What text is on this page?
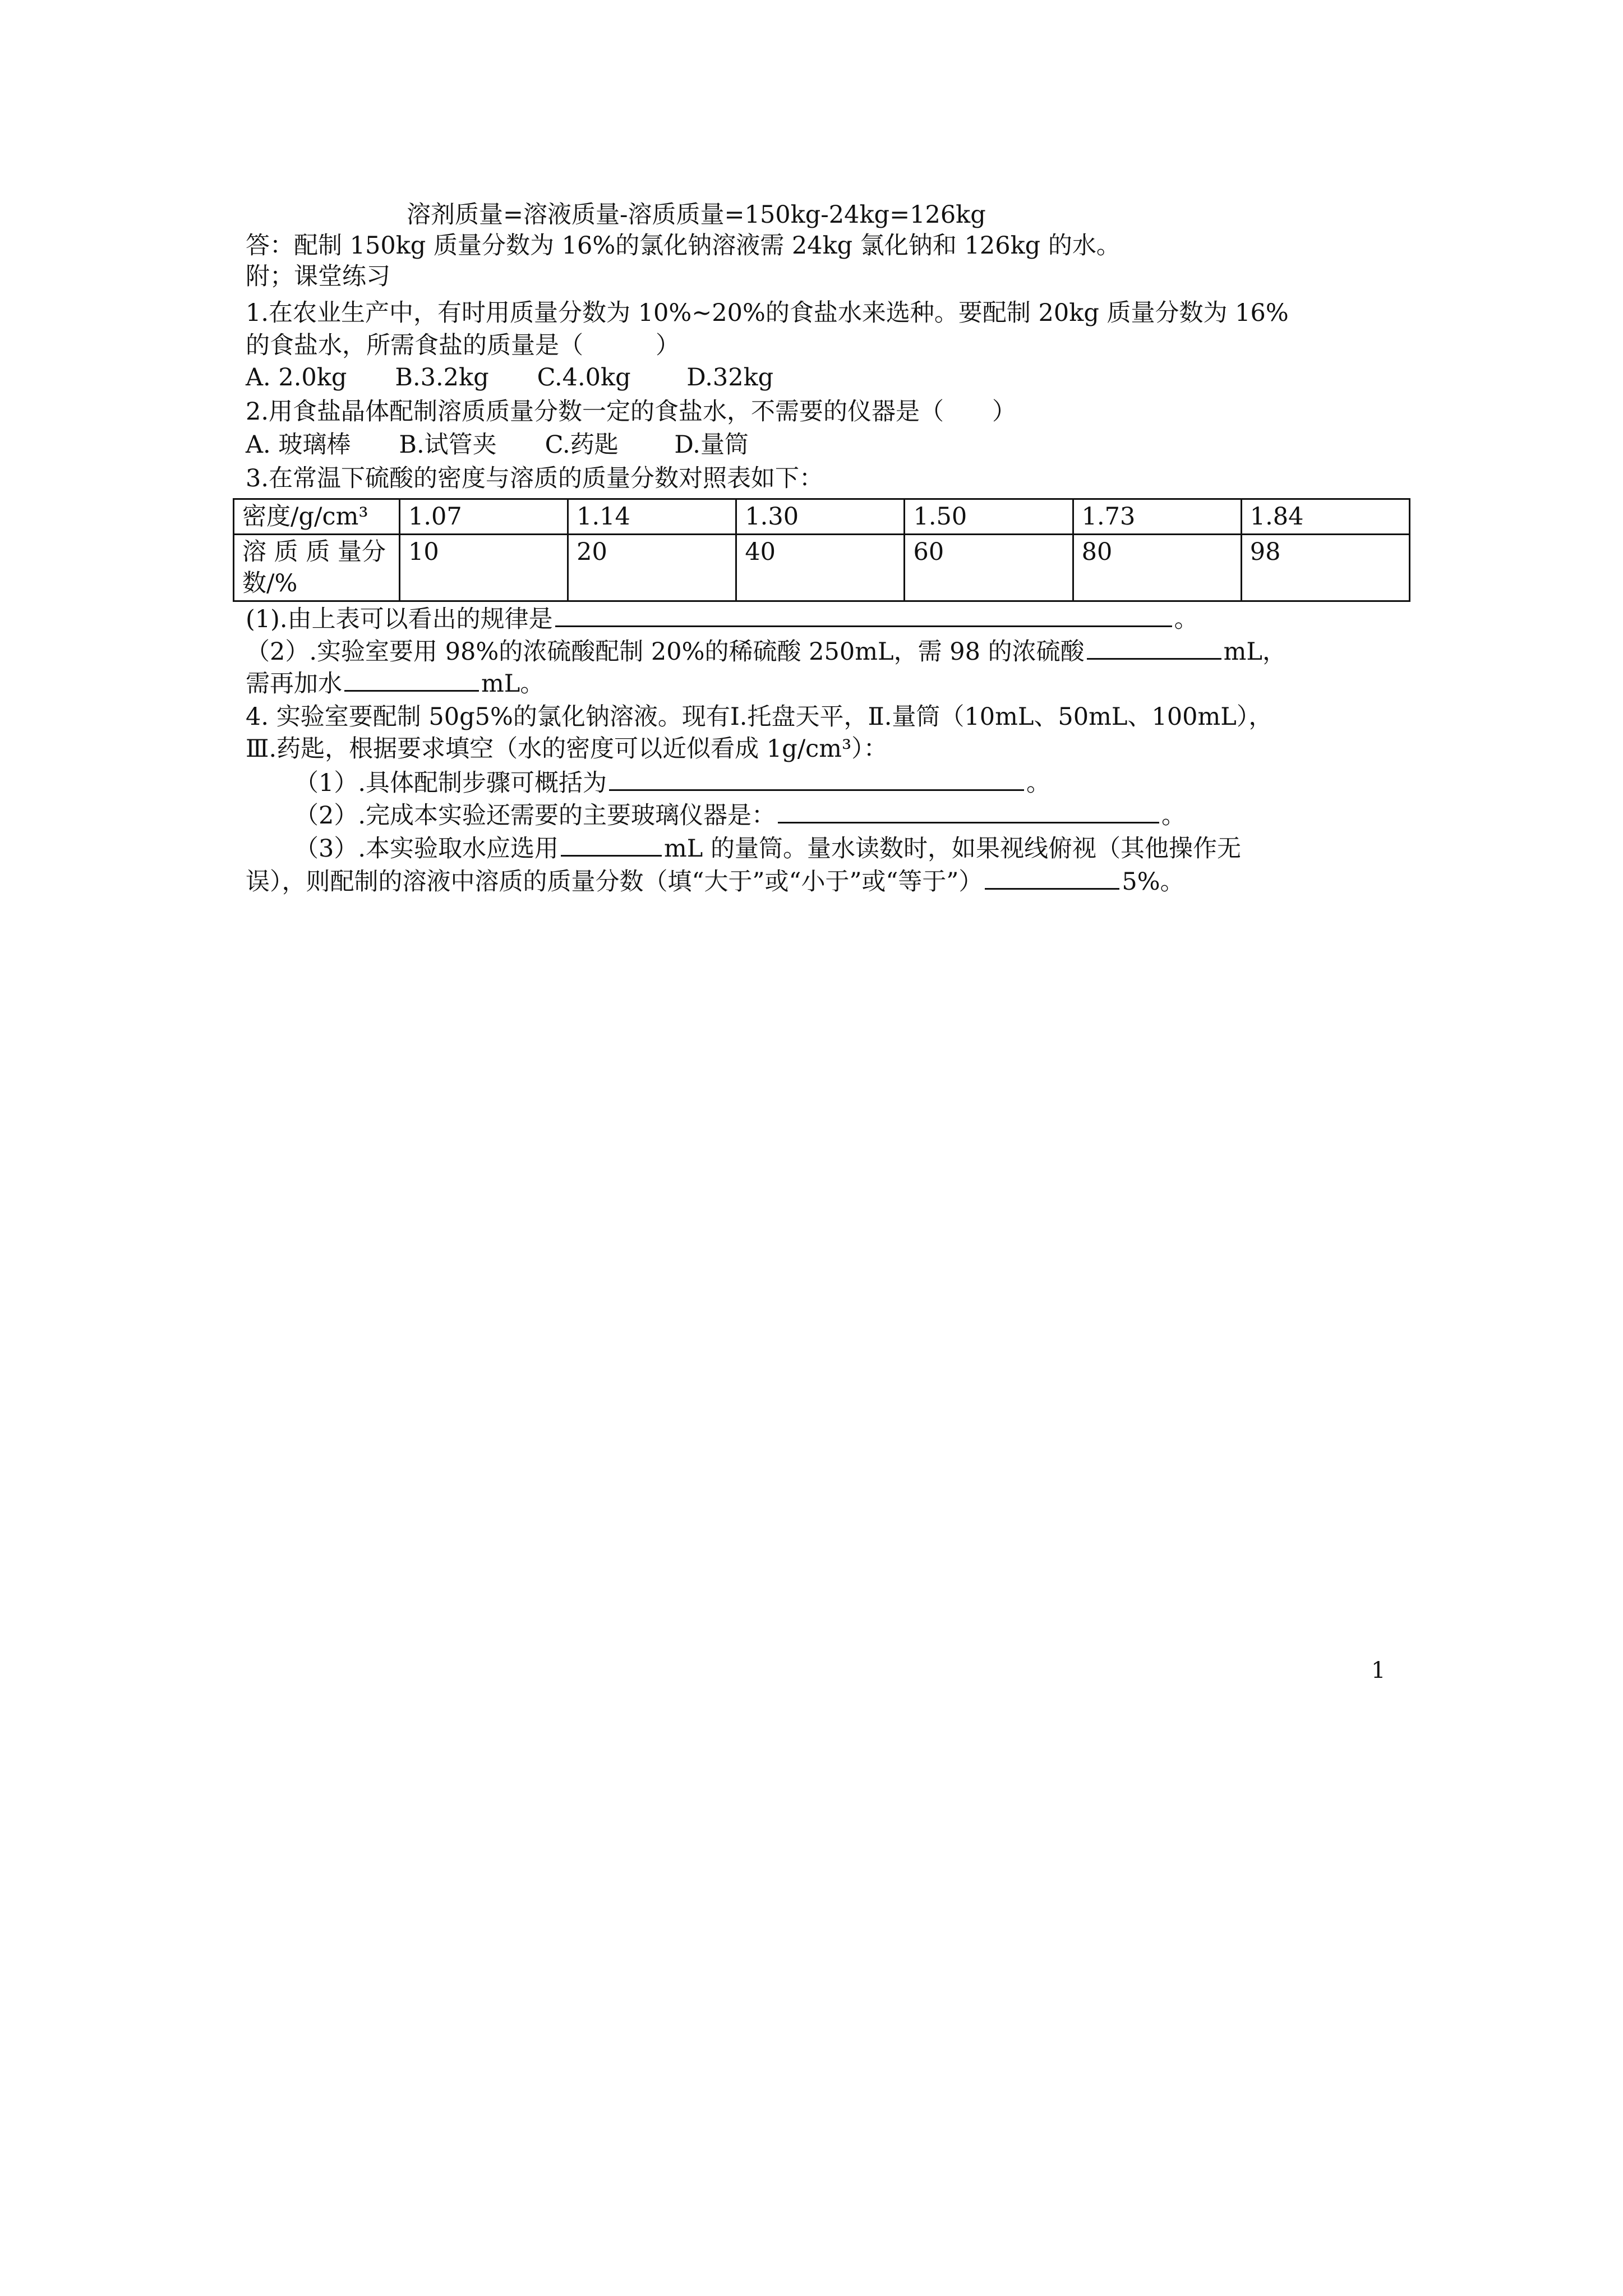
溶剂质量=溶液质量-溶质质量=150kg-24kg=126kg
答：配制 150kg 质量分数为 16%的氯化钠溶液需 24kg 氯化钠和 126kg 的水。
附；课堂练习
1.在农业生产中，有时用质量分数为 10%~20%的食盐水来选种。要配制 20kg 质量分数为 16%
的食盐水，所需食盐的质量是（　　　）
A. 2.0kg　　B.3.2kg　　C.4.0kg　　 D.32kg
2.用食盐晶体配制溶质质量分数一定的食盐水，不需要的仪器是（　　）
A. 玻璃棒　　B.试管夹　　C.药匙　　 D.量筒
3.在常温下硫酸的密度与溶质的质量分数对照表如下：
密度/g/cm³	1.07	1.14	1.30	1.50	1.73	1.84
溶 质 质 量分数/%	10	20	40	60	80	98
(1).由上表可以看出的规律是	。
（2）.实验室要用 98%的浓硫酸配制 20%的稀硫酸 250mL，需 98 的浓硫酸	mL，
需再加水	mL。
4. 实验室要配制 50g5%的氯化钠溶液。现有Ⅰ.托盘天平，Ⅱ.量筒（10mL、50mL、100mL），
Ⅲ.药匙，根据要求填空（水的密度可以近似看成 1g/cm³）：
（1）.具体配制步骤可概括为	。
（2）.完成本实验还需要的主要玻璃仪器是：	。
（3）.本实验取水应选用	mL 的量筒。量水读数时，如果视线俯视（其他操作无
误），则配制的溶液中溶质的质量分数（填“大于”或“小于”或“等于”）	5%。
1
